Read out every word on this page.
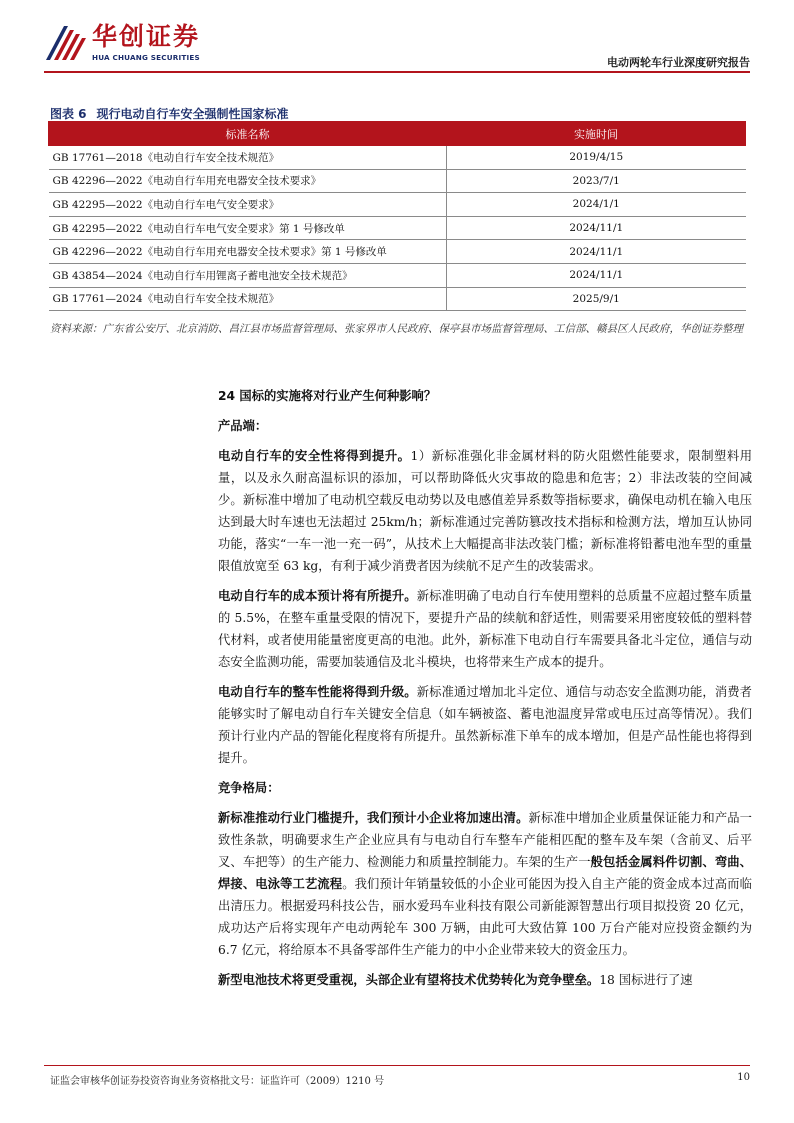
华创证券
HUA CHUANG SECURITIES	电动两轮车行业深度研究报告
图表 6 现行电动自行车安全强制性国家标准
标准名称	实施时间
GB 17761—2018《电动自行车安全技术规范》	2019/4/15
GB 42296—2022《电动自行车用充电器安全技术要求》	2023/7/1
GB 42295—2022《电动自行车电气安全要求》	2024/1/1
GB 42295—2022《电动自行车电气安全要求》第 1 号修改单	2024/11/1
GB 42296—2022《电动自行车用充电器安全技术要求》第 1 号修改单	2024/11/1
GB 43854—2024《电动自行车用锂离子蓄电池安全技术规范》	2024/11/1
GB 17761—2024《电动自行车安全技术规范》	2025/9/1
资料来源：广东省公安厅、北京消防、昌江县市场监督管理局、张家界市人民政府、保亭县市场监督管理局、工信部、赣县区人民政府，华创证券整理
24 国标的实施将对行业产生何种影响？
产品端：

电动自行车的安全性将得到提升。1）新标准强化非金属材料的防火阻燃性能要求，限制塑料用量，以及永久耐高温标识的添加，可以帮助降低火灾事故的隐患和危害；2）非法改装的空间减少。新标准中增加了电动机空载反电动势以及电感值差异系数等指标要求，确保电动机在输入电压达到最大时车速也无法超过 25km/h；新标准通过完善防篡改技术指标和检测方法，增加互认协同功能，落实“一车一池一充一码”，从技术上大幅提高非法改装门槛；新标准将铅蓄电池车型的重量限值放宽至 63 kg，有利于减少消费者因为续航不足产生的改装需求。

电动自行车的成本预计将有所提升。新标准明确了电动自行车使用塑料的总质量不应超过整车质量的 5.5%，在整车重量受限的情况下，要提升产品的续航和舒适性，则需要采用密度较低的塑料替代材料，或者使用能量密度更高的电池。此外，新标准下电动自行车需要具备北斗定位，通信与动态安全监测功能，需要加装通信及北斗模块，也将带来生产成本的提升。

电动自行车的整车性能将得到升级。新标准通过增加北斗定位、通信与动态安全监测功能，消费者能够实时了解电动自行车关键安全信息（如车辆被盗、蓄电池温度异常或电压过高等情况）。我们预计行业内产品的智能化程度将有所提升。虽然新标准下单车的成本增加，但是产品性能也将得到提升。

竞争格局：

新标准推动行业门槛提升，我们预计小企业将加速出清。新标准中增加企业质量保证能力和产品一致性条款，明确要求生产企业应具有与电动自行车整车产能相匹配的整车及车架（含前叉、后平叉、车把等）的生产能力、检测能力和质量控制能力。车架的生产一般包括金属料件切割、弯曲、焊接、电泳等工艺流程。我们预计年销量较低的小企业可能因为投入自主产能的资金成本过高而临出清压力。根据爱玛科技公告，丽水爱玛车业科技有限公司新能源智慧出行项目拟投资 20 亿元，成功达产后将实现年产电动两轮车 300 万辆，由此可大致估算 100 万台产能对应投资金额约为 6.7 亿元，将给原本不具备零部件生产能力的中小企业带来较大的资金压力。

新型电池技术将更受重视，头部企业有望将技术优势转化为竞争壁垒。18 国标进行了速

证监会审核华创证券投资咨询业务资格批文号：证监许可（2009）1210 号	10
